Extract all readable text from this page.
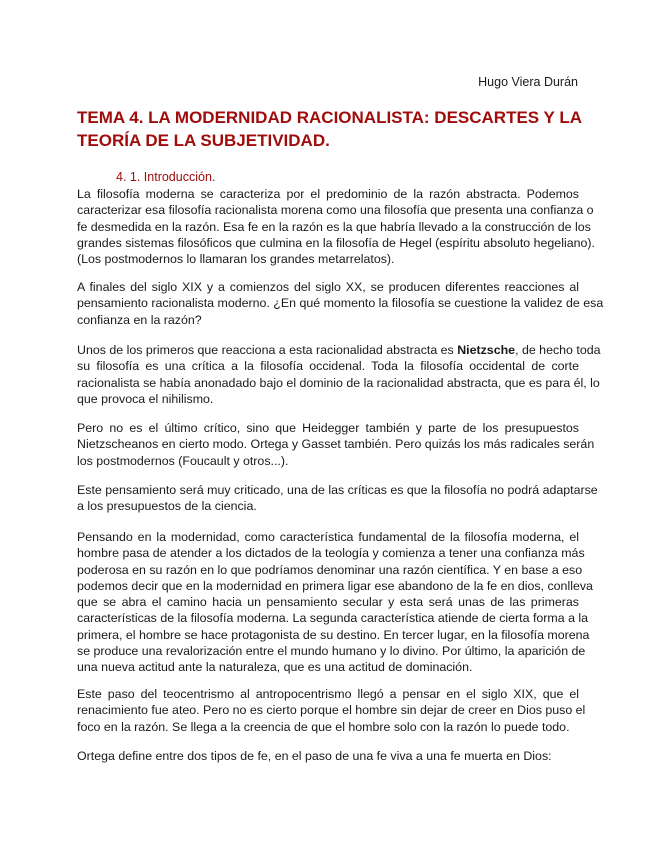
Hugo Viera Durán
TEMA 4. LA MODERNIDAD RACIONALISTA: DESCARTES Y LA
TEORÍA DE LA SUBJETIVIDAD.
4. 1. Introducción.
La filosofía moderna se caracteriza por el predominio de la razón abstracta. Podemos
caracterizar esa filosofía racionalista morena como una filosofía que presenta una confianza o
fe desmedida en la razón. Esa fe en la razón es la que habría llevado a la construcción de los
grandes sistemas filosóficos que culmina en la filosofía de Hegel (espíritu absoluto hegeliano).
(Los postmodernos lo llamaran los grandes metarrelatos).
A finales del siglo XIX y a comienzos del siglo XX, se producen diferentes reacciones al
pensamiento racionalista moderno. ¿En qué momento la filosofía se cuestione la validez de esa
confianza en la razón?
Unos de los primeros que reacciona a esta racionalidad abstracta es Nietzsche, de hecho toda
su filosofía es una crítica a la filosofía occidenal. Toda la filosofía occidental de corte
racionalista se había anonadado bajo el dominio de la racionalidad abstracta, que es para él, lo
que provoca el nihilismo.
Pero no es el último crítico, sino que Heidegger también y parte de los presupuestos
Nietzscheanos en cierto modo. Ortega y Gasset también. Pero quizás los más radicales serán
los postmodernos (Foucault y otros...).
Este pensamiento será muy criticado, una de las críticas es que la filosofía no podrá adaptarse
a los presupuestos de la ciencia.
Pensando en la modernidad, como característica fundamental de la filosofía moderna, el
hombre pasa de atender a los dictados de la teología y comienza a tener una confianza más
poderosa en su razón en lo que podríamos denominar una razón científica. Y en base a eso
podemos decir que en la modernidad en primera ligar ese abandono de la fe en dios, conlleva
que se abra el camino hacia un pensamiento secular y esta será unas de las primeras
características de la filosofía moderna. La segunda característica atiende de cierta forma a la
primera, el hombre se hace protagonista de su destino. En tercer lugar, en la filosofía morena
se produce una revalorización entre el mundo humano y lo divino. Por último, la aparición de
una nueva actitud ante la naturaleza, que es una actitud de dominación.
Este paso del teocentrismo al antropocentrismo llegó a pensar en el siglo XIX, que el
renacimiento fue ateo. Pero no es cierto porque el hombre sin dejar de creer en Dios puso el
foco en la razón. Se llega a la creencia de que el hombre solo con la razón lo puede todo.
Ortega define entre dos tipos de fe, en el paso de una fe viva a una fe muerta en Dios:
